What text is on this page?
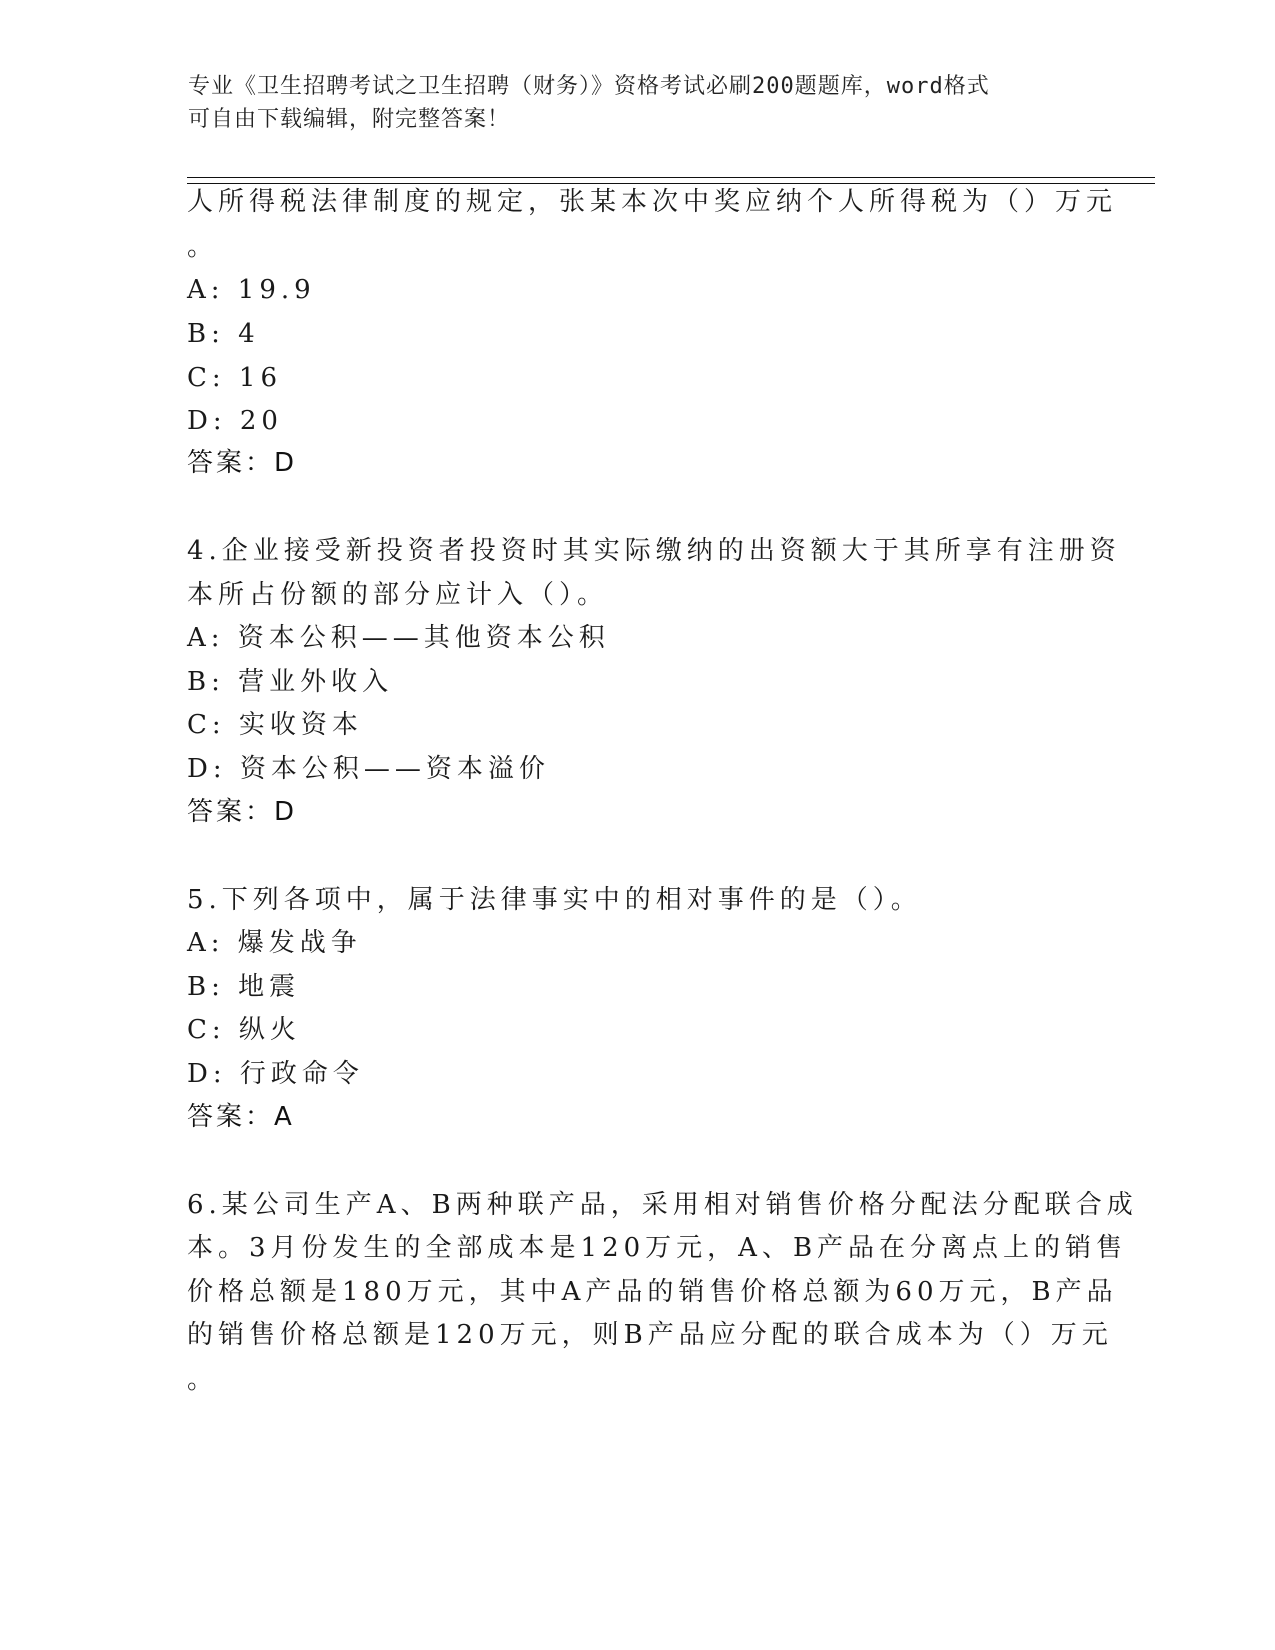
专业《卫生招聘考试之卫生招聘（财务）》资格考试必刷200题题库，word格式
可自由下载编辑，附完整答案！
人所得税法律制度的规定，张某本次中奖应纳个人所得税为（）万元
。
A: 19.9
B: 4
C: 16
D: 20
答案：D
4.企业接受新投资者投资时其实际缴纳的出资额大于其所享有注册资
本所占份额的部分应计入（）。
A: 资本公积——其他资本公积
B: 营业外收入
C: 实收资本
D: 资本公积——资本溢价
答案：D
5.下列各项中，属于法律事实中的相对事件的是（）。
A: 爆发战争
B: 地震
C: 纵火
D: 行政命令
答案：A
6.某公司生产A、B两种联产品，采用相对销售价格分配法分配联合成
本。3月份发生的全部成本是120万元，A、B产品在分离点上的销售
价格总额是180万元，其中A产品的销售价格总额为60万元，B产品
的销售价格总额是120万元，则B产品应分配的联合成本为（）万元
。
